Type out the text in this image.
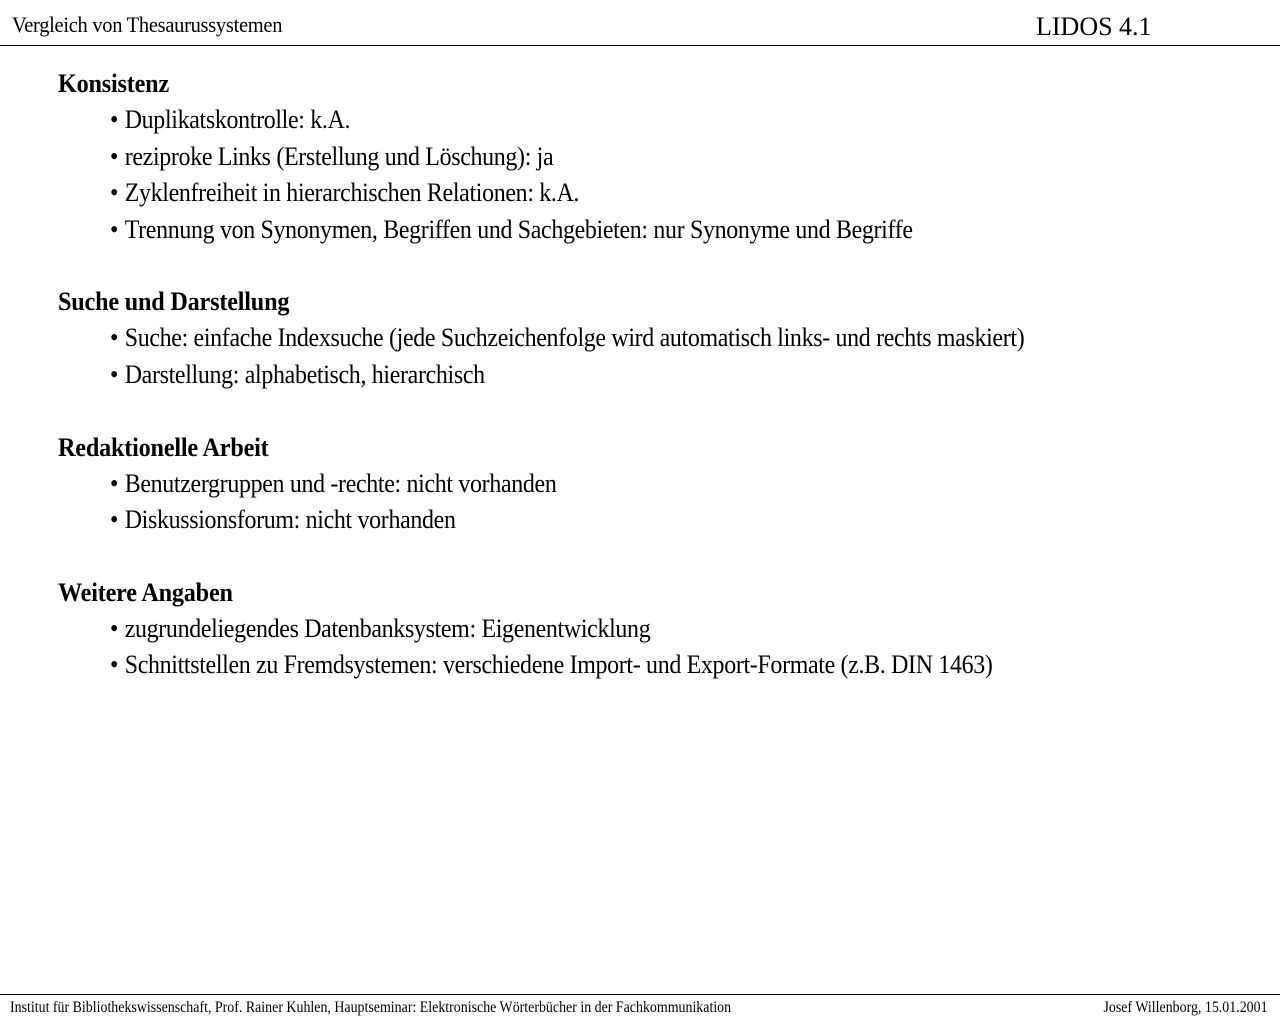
Vergleich von Thesaurussystemen	LIDOS 4.1
Konsistenz
• Duplikatskontrolle: k.A.
• reziproke Links (Erstellung und Löschung): ja
• Zyklenfreiheit in hierarchischen Relationen: k.A.
• Trennung von Synonymen, Begriffen und Sachgebieten: nur Synonyme und Begriffe
Suche und Darstellung
• Suche: einfache Indexsuche (jede Suchzeichenfolge wird automatisch links- und rechts maskiert)
• Darstellung: alphabetisch, hierarchisch
Redaktionelle Arbeit
• Benutzergruppen und -rechte: nicht vorhanden
• Diskussionsforum: nicht vorhanden
Weitere Angaben
• zugrundeliegendes Datenbanksystem: Eigenentwicklung
• Schnittstellen zu Fremdsystemen: verschiedene Import- und Export-Formate (z.B. DIN 1463)
Institut für Bibliothekswissenschaft, Prof. Rainer Kuhlen, Hauptseminar: Elektronische Wörterbücher in der Fachkommunikation	Josef Willenborg, 15.01.2001
